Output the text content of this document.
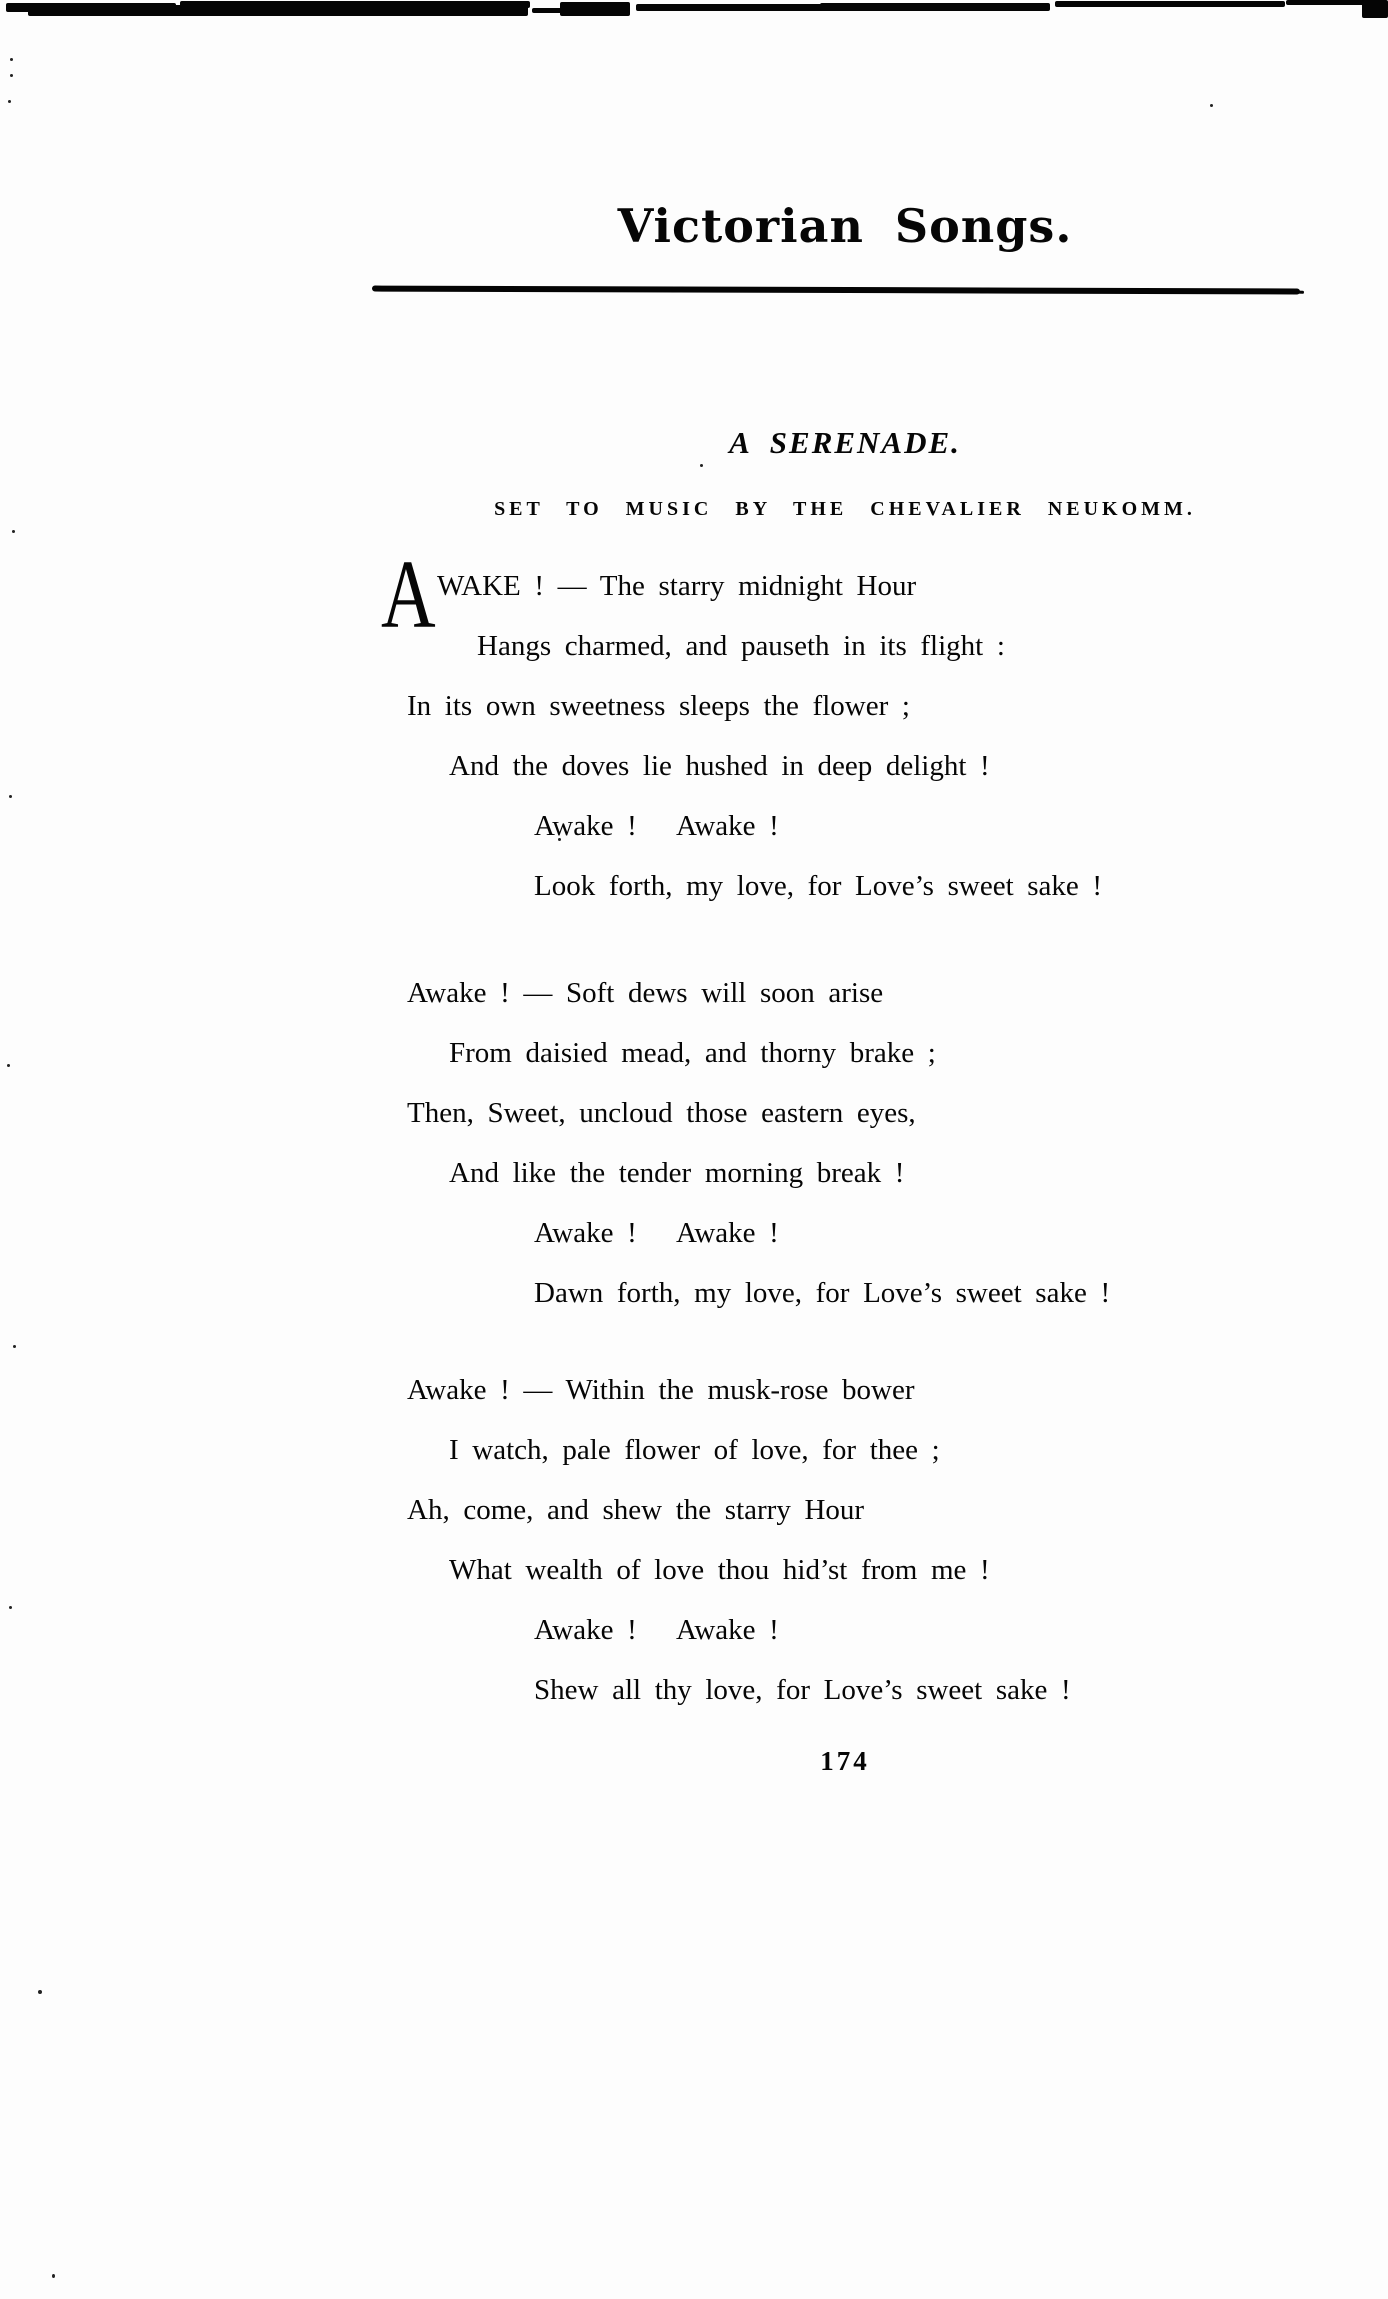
Victorian Songs.
A SERENADE.
SET TO MUSIC BY THE CHEVALIER NEUKOMM.
A WAKE ! — The starry midnight Hour
Hangs charmed, and pauseth in its flight :
In its own sweetness sleeps the flower ;
And the doves lie hushed in deep delight !
Awake !   Awake !
Look forth, my love, for Love’s sweet sake !
Awake ! — Soft dews will soon arise
From daisied mead, and thorny brake ;
Then, Sweet, uncloud those eastern eyes,
And like the tender morning break !
Awake !   Awake !
Dawn forth, my love, for Love’s sweet sake !
Awake ! — Within the musk-rose bower
I watch, pale flower of love, for thee ;
Ah, come, and shew the starry Hour
What wealth of love thou hid’st from me !
Awake !   Awake !
Shew all thy love, for Love’s sweet sake !
174
